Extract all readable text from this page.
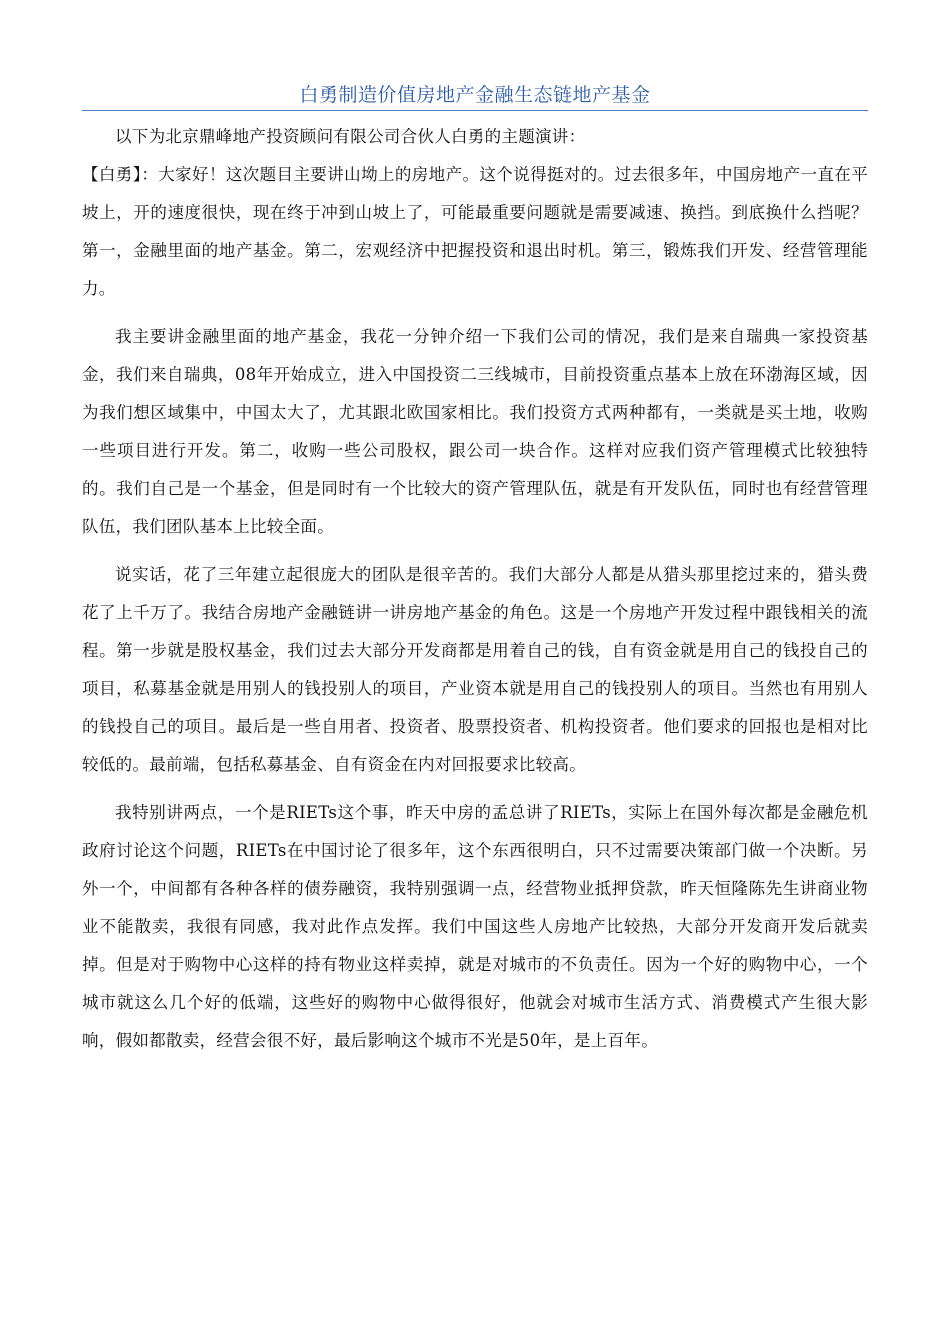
白勇制造价值房地产金融生态链地产基金

以下为北京鼎峰地产投资顾问有限公司合伙人白勇的主题演讲：

【白勇】：大家好！这次题目主要讲山坳上的房地产。这个说得挺对的。过去很多年，中国房地产一直在平坡上，开的速度很快，现在终于冲到山坡上了，可能最重要问题就是需要减速、换挡。到底换什么挡呢？第一，金融里面的地产基金。第二，宏观经济中把握投资和退出时机。第三，锻炼我们开发、经营管理能力。

我主要讲金融里面的地产基金，我花一分钟介绍一下我们公司的情况，我们是来自瑞典一家投资基金，我们来自瑞典，08年开始成立，进入中国投资二三线城市，目前投资重点基本上放在环渤海区域，因为我们想区域集中，中国太大了，尤其跟北欧国家相比。我们投资方式两种都有，一类就是买土地，收购一些项目进行开发。第二，收购一些公司股权，跟公司一块合作。这样对应我们资产管理模式比较独特的。我们自己是一个基金，但是同时有一个比较大的资产管理队伍，就是有开发队伍，同时也有经营管理队伍，我们团队基本上比较全面。

说实话，花了三年建立起很庞大的团队是很辛苦的。我们大部分人都是从猎头那里挖过来的，猎头费花了上千万了。我结合房地产金融链讲一讲房地产基金的角色。这是一个房地产开发过程中跟钱相关的流程。第一步就是股权基金，我们过去大部分开发商都是用着自己的钱，自有资金就是用自己的钱投自己的项目，私募基金就是用别人的钱投别人的项目，产业资本就是用自己的钱投别人的项目。当然也有用别人的钱投自己的项目。最后是一些自用者、投资者、股票投资者、机构投资者。他们要求的回报也是相对比较低的。最前端，包括私募基金、自有资金在内对回报要求比较高。

我特别讲两点，一个是RIETs这个事，昨天中房的孟总讲了RIETs，实际上在国外每次都是金融危机政府讨论这个问题，RIETs在中国讨论了很多年，这个东西很明白，只不过需要决策部门做一个决断。另外一个，中间都有各种各样的债券融资，我特别强调一点，经营物业抵押贷款，昨天恒隆陈先生讲商业物业不能散卖，我很有同感，我对此作点发挥。我们中国这些人房地产比较热，大部分开发商开发后就卖掉。但是对于购物中心这样的持有物业这样卖掉，就是对城市的不负责任。因为一个好的购物中心，一个城市就这么几个好的低端，这些好的购物中心做得很好，他就会对城市生活方式、消费模式产生很大影响，假如都散卖，经营会很不好，最后影响这个城市不光是50年，是上百年。
